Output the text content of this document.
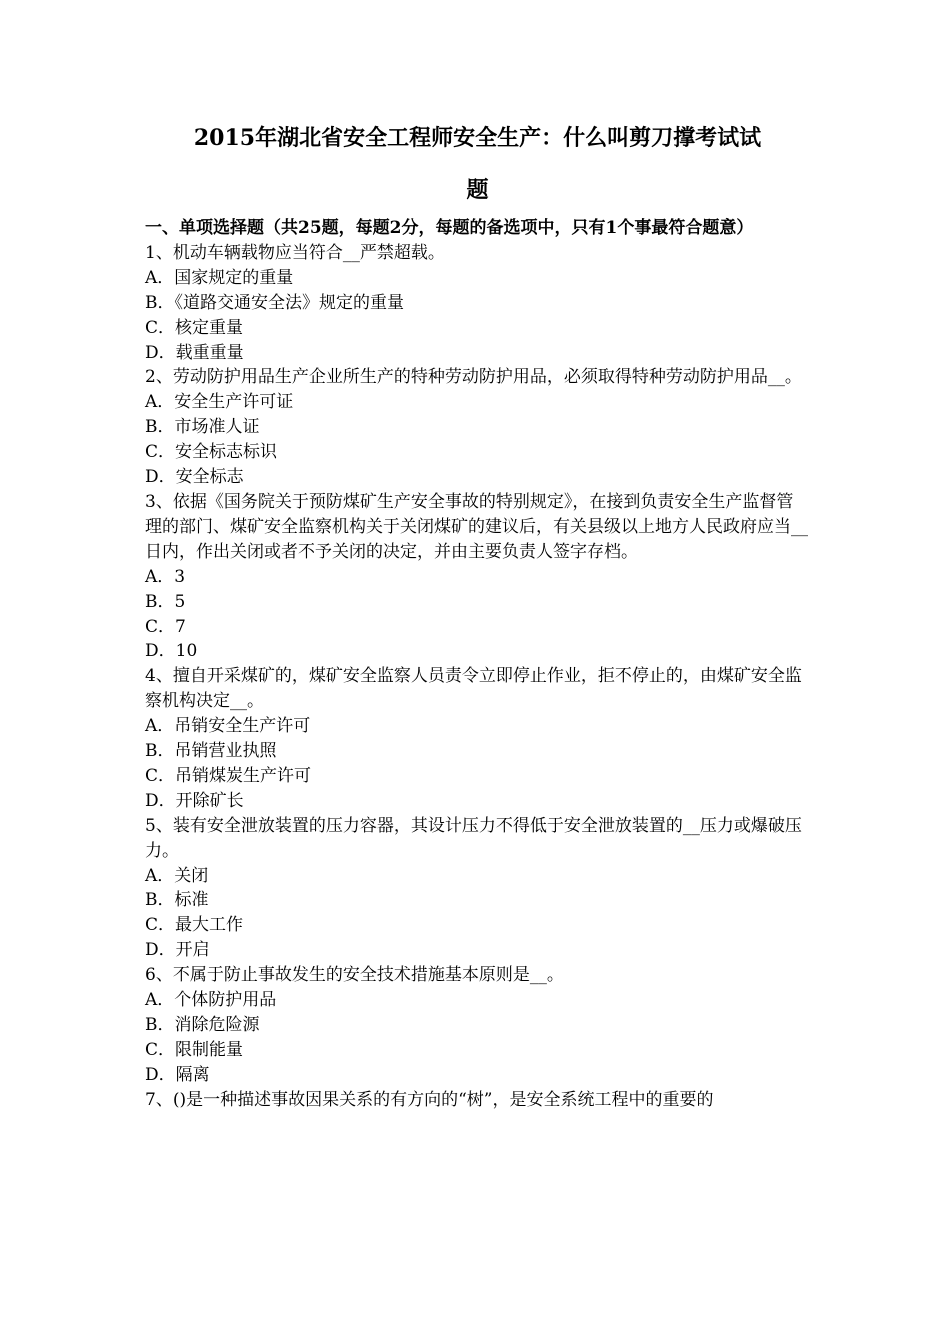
2015年湖北省安全工程师安全生产：什么叫剪刀撑考试试
题

一、单项选择题（共25题，每题2分，每题的备选项中，只有1个事最符合题意）

1、机动车辆载物应当符合__严禁超载。

A．国家规定的重量

B．《道路交通安全法》规定的重量

C．核定重量

D．载重重量

2、劳动防护用品生产企业所生产的特种劳动防护用品，必须取得特种劳动防护用品__。

A．安全生产许可证

B．市场准人证

C．安全标志标识

D．安全标志

3、依据《国务院关于预防煤矿生产安全事故的特别规定》，在接到负责安全生产监督管理的部门、煤矿安全监察机构关于关闭煤矿的建议后，有关县级以上地方人民政府应当__日内，作出关闭或者不予关闭的决定，并由主要负责人签字存档。

A．3

B．5

C．7

D．10

4、擅自开采煤矿的，煤矿安全监察人员责令立即停止作业，拒不停止的，由煤矿安全监察机构决定__。

A．吊销安全生产许可

B．吊销营业执照

C．吊销煤炭生产许可

D．开除矿长

5、装有安全泄放装置的压力容器，其设计压力不得低于安全泄放装置的__压力或爆破压力。

A．关闭

B．标准

C．最大工作

D．开启

6、不属于防止事故发生的安全技术措施基本原则是__。

A．个体防护用品

B．消除危险源

C．限制能量

D．隔离

7、()是一种描述事故因果关系的有方向的“树”，是安全系统工程中的重要的
